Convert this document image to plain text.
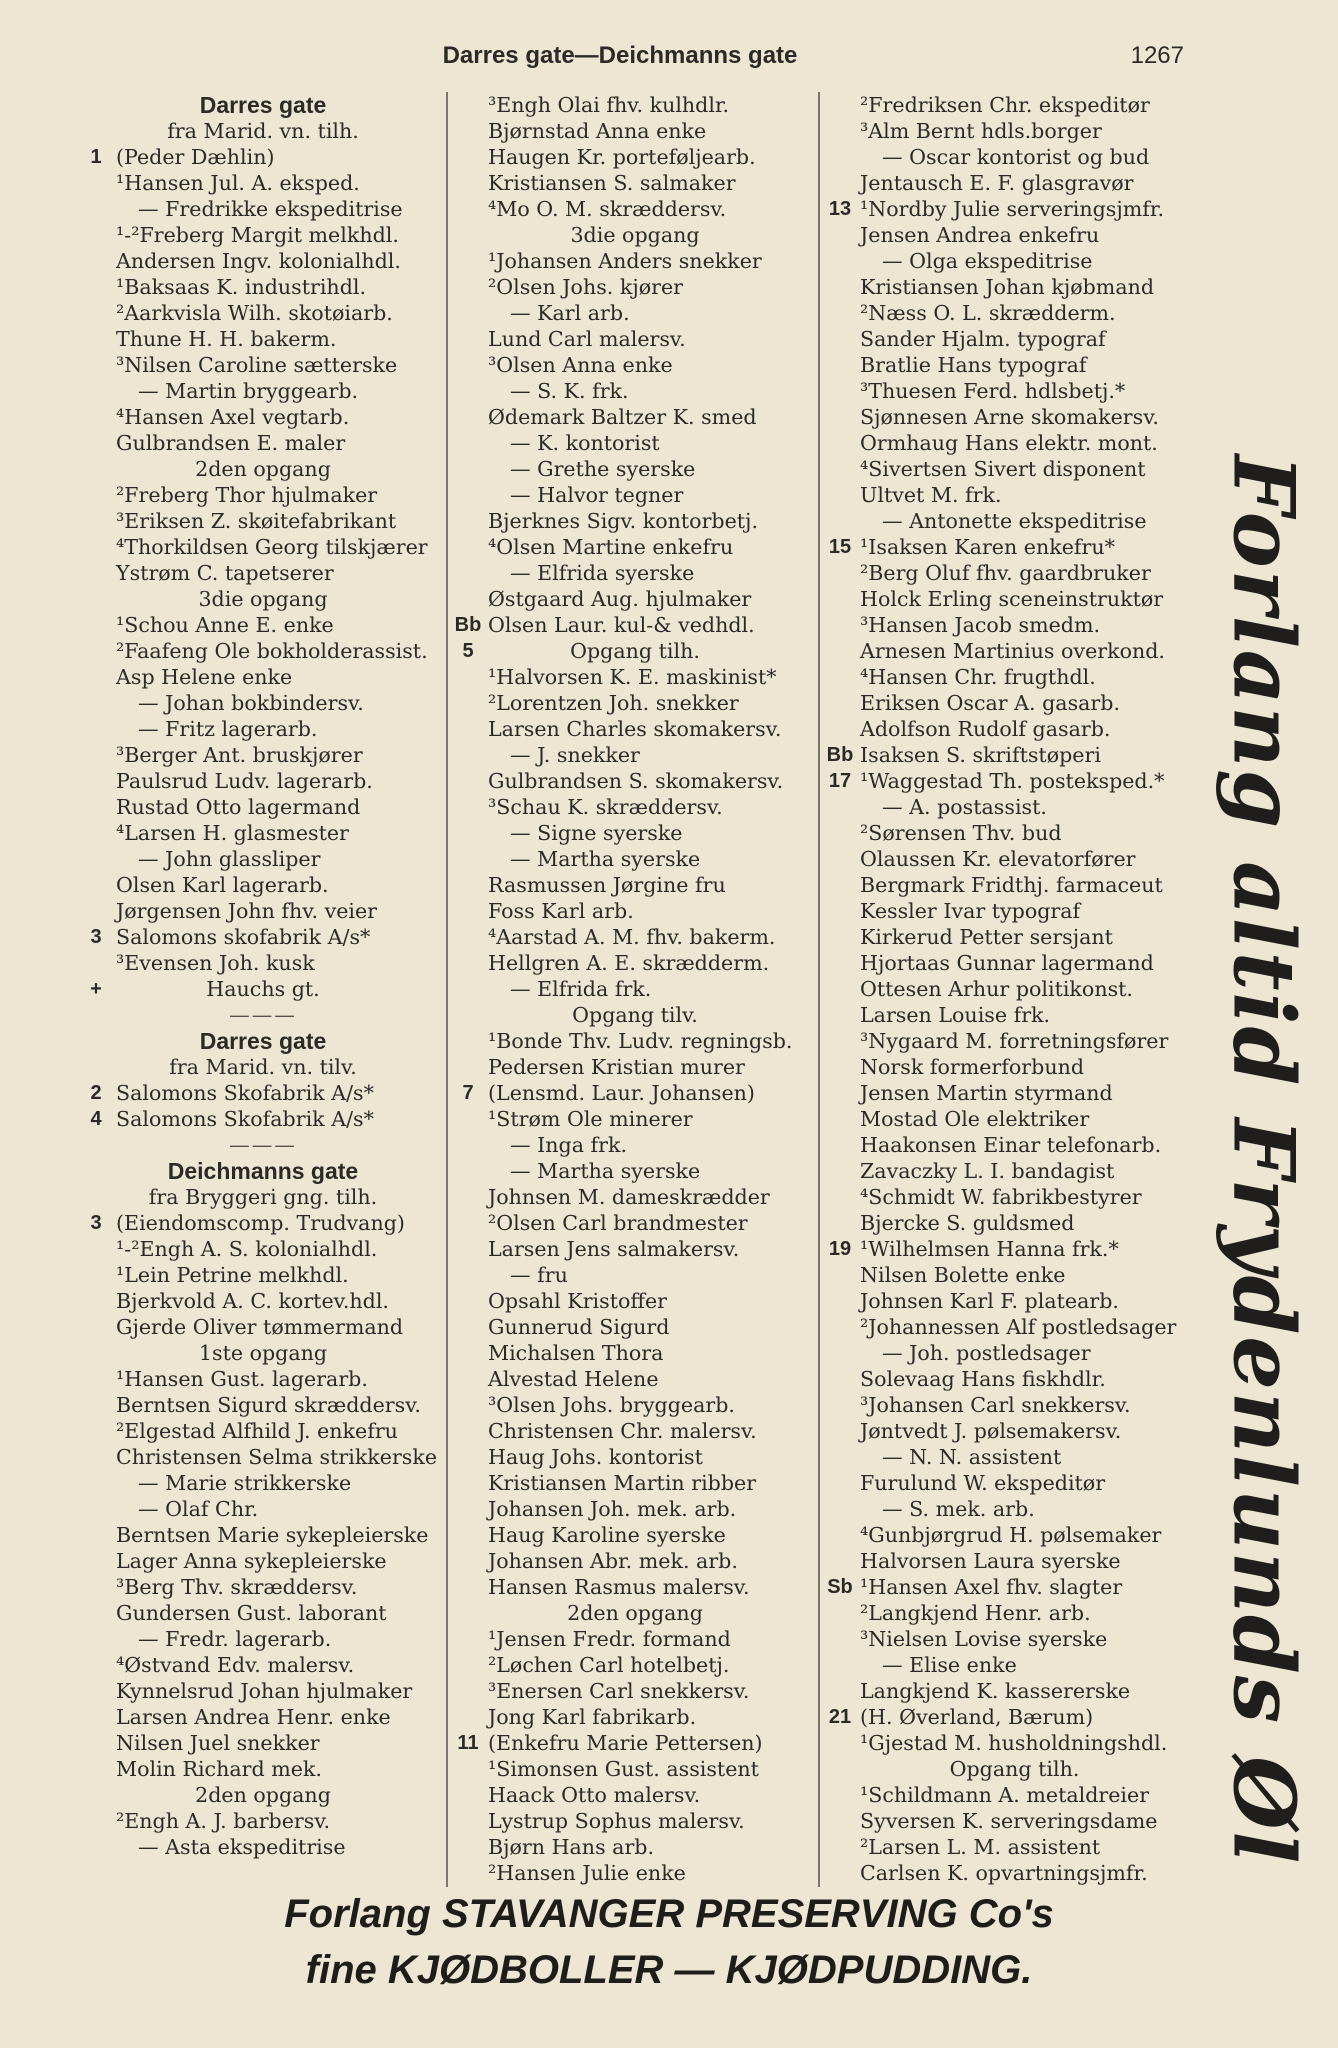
Darres gate—Deichmanns gate	1267
Darres gate
fra Marid. vn. tilh.
1 (Peder Dæhlin)
¹Hansen Jul. A. eksped.
— Fredrikke ekspeditrise
¹-²Freberg Margit melkhdl.
Andersen Ingv. kolonialhdl.
¹Baksaas K. industrihdl.
²Aarkvisla Wilh. skotøiarb.
Thune H. H. bakerm.
³Nilsen Caroline sætterske
— Martin bryggearb.
⁴Hansen Axel vegtarb.
Gulbrandsen E. maler
2den opgang
²Freberg Thor hjulmaker
³Eriksen Z. skøitefabrikant
⁴Thorkildsen Georg tilskjærer
Ystrøm C. tapetserer
3die opgang
¹Schou Anne E. enke
²Faafeng Ole bokholderassist.
Asp Helene enke
— Johan bokbindersv.
— Fritz lagerarb.
³Berger Ant. bruskjører
Paulsrud Ludv. lagerarb.
Rustad Otto lagermand
⁴Larsen H. glasmester
— John glassliper
Olsen Karl lagerarb.
Jørgensen John fhv. veier
3 Salomons skofabrik A/s*
³Evensen Joh. kusk
+	Hauchs gt.
———
Darres gate
fra Marid. vn. tilv.
2 Salomons Skofabrik A/s*
4 Salomons Skofabrik A/s*
———
Deichmanns gate
fra Bryggeri gng. tilh.
3 (Eiendomscomp. Trudvang)
¹-²Engh A. S. kolonialhdl.
¹Lein Petrine melkhdl.
Bjerkvold A. C. kortev.hdl.
Gjerde Oliver tømmermand
1ste opgang
¹Hansen Gust. lagerarb.
Berntsen Sigurd skræddersv.
²Elgestad Alfhild J. enkefru
Christensen Selma strikkerske
— Marie strikkerske
— Olaf Chr.
Berntsen Marie sykepleierske
Lager Anna sykepleierske
³Berg Thv. skræddersv.
Gundersen Gust. laborant
— Fredr. lagerarb.
⁴Østvand Edv. malersv.
Kynnelsrud Johan hjulmaker
Larsen Andrea Henr. enke
Nilsen Juel snekker
Molin Richard mek.
2den opgang
²Engh A. J. barbersv.
— Asta ekspeditrise
³Engh Olai fhv. kulhdlr.
Bjørnstad Anna enke
Haugen Kr. porteføljearb.
Kristiansen S. salmaker
⁴Mo O. M. skræddersv.
3die opgang
¹Johansen Anders snekker
²Olsen Johs. kjører
— Karl arb.
Lund Carl malersv.
³Olsen Anna enke
— S. K. frk.
Ødemark Baltzer K. smed
— K. kontorist
— Grethe syerske
— Halvor tegner
Bjerknes Sigv. kontorbetj.
⁴Olsen Martine enkefru
— Elfrida syerske
Østgaard Aug. hjulmaker
Bb Olsen Laur. kul-& vedhdl.
5	Opgang tilh.
¹Halvorsen K. E. maskinist*
²Lorentzen Joh. snekker
Larsen Charles skomakersv.
— J. snekker
Gulbrandsen S. skomakersv.
³Schau K. skræddersv.
— Signe syerske
— Martha syerske
Rasmussen Jørgine fru
Foss Karl arb.
⁴Aarstad A. M. fhv. bakerm.
Hellgren A. E. skrædderm.
— Elfrida frk.
Opgang tilv.
¹Bonde Thv. Ludv. regningsb.
Pedersen Kristian murer
7 (Lensmd. Laur. Johansen)
¹Strøm Ole minerer
— Inga frk.
— Martha syerske
Johnsen M. dameskrædder
²Olsen Carl brandmester
Larsen Jens salmakersv.
— fru
Opsahl Kristoffer
Gunnerud Sigurd
Michalsen Thora
Alvestad Helene
³Olsen Johs. bryggearb.
Christensen Chr. malersv.
Haug Johs. kontorist
Kristiansen Martin ribber
Johansen Joh. mek. arb.
Haug Karoline syerske
Johansen Abr. mek. arb.
Hansen Rasmus malersv.
2den opgang
¹Jensen Fredr. formand
²Løchen Carl hotelbetj.
³Enersen Carl snekkersv.
Jong Karl fabrikarb.
11 (Enkefru Marie Pettersen)
¹Simonsen Gust. assistent
Haack Otto malersv.
Lystrup Sophus malersv.
Bjørn Hans arb.
²Hansen Julie enke
²Fredriksen Chr. ekspeditør
³Alm Bernt hdls.borger
— Oscar kontorist og bud
Jentausch E. F. glasgravør
13 ¹Nordby Julie serveringsjmfr.
Jensen Andrea enkefru
— Olga ekspeditrise
Kristiansen Johan kjøbmand
²Næss O. L. skrædderm.
Sander Hjalm. typograf
Bratlie Hans typograf
³Thuesen Ferd. hdlsbetj.*
Sjønnesen Arne skomakersv.
Ormhaug Hans elektr. mont.
⁴Sivertsen Sivert disponent
Ultvet M. frk.
— Antonette ekspeditrise
15 ¹Isaksen Karen enkefru*
²Berg Oluf fhv. gaardbruker
Holck Erling sceneinstruktør
³Hansen Jacob smedm.
Arnesen Martinius overkond.
⁴Hansen Chr. frugthdl.
Eriksen Oscar A. gasarb.
Adolfson Rudolf gasarb.
Bb Isaksen S. skriftstøperi
17 ¹Waggestad Th. posteksped.*
— A. postassist.
²Sørensen Thv. bud
Olaussen Kr. elevatorfører
Bergmark Fridthj. farmaceut
Kessler Ivar typograf
Kirkerud Petter sersjant
Hjortaas Gunnar lagermand
Ottesen Arhur politikonst.
Larsen Louise frk.
³Nygaard M. forretningsfører
Norsk formerforbund
Jensen Martin styrmand
Mostad Ole elektriker
Haakonsen Einar telefonarb.
Zavaczky L. I. bandagist
⁴Schmidt W. fabrikbestyrer
Bjercke S. guldsmed
19 ¹Wilhelmsen Hanna frk.*
Nilsen Bolette enke
Johnsen Karl F. platearb.
²Johannessen Alf postledsager
— Joh. postledsager
Solevaag Hans fiskhdlr.
³Johansen Carl snekkersv.
Jøntvedt J. pølsemakersv.
— N. N. assistent
Furulund W. ekspeditør
— S. mek. arb.
⁴Gunbjørgrud H. pølsemaker
Halvorsen Laura syerske
Sb ¹Hansen Axel fhv. slagter
²Langkjend Henr. arb.
³Nielsen Lovise syerske
— Elise enke
Langkjend K. kassererske
21 (H. Øverland, Bærum)
¹Gjestad M. husholdningshdl.
Opgang tilh.
¹Schildmann A. metaldreier
Syversen K. serveringsdame
²Larsen L. M. assistent
Carlsen K. opvartningsjmfr.
Forlang altid Frydenlunds Øl
Forlang STAVANGER PRESERVING Co's
fine KJØDBOLLER — KJØDPUDDING.
